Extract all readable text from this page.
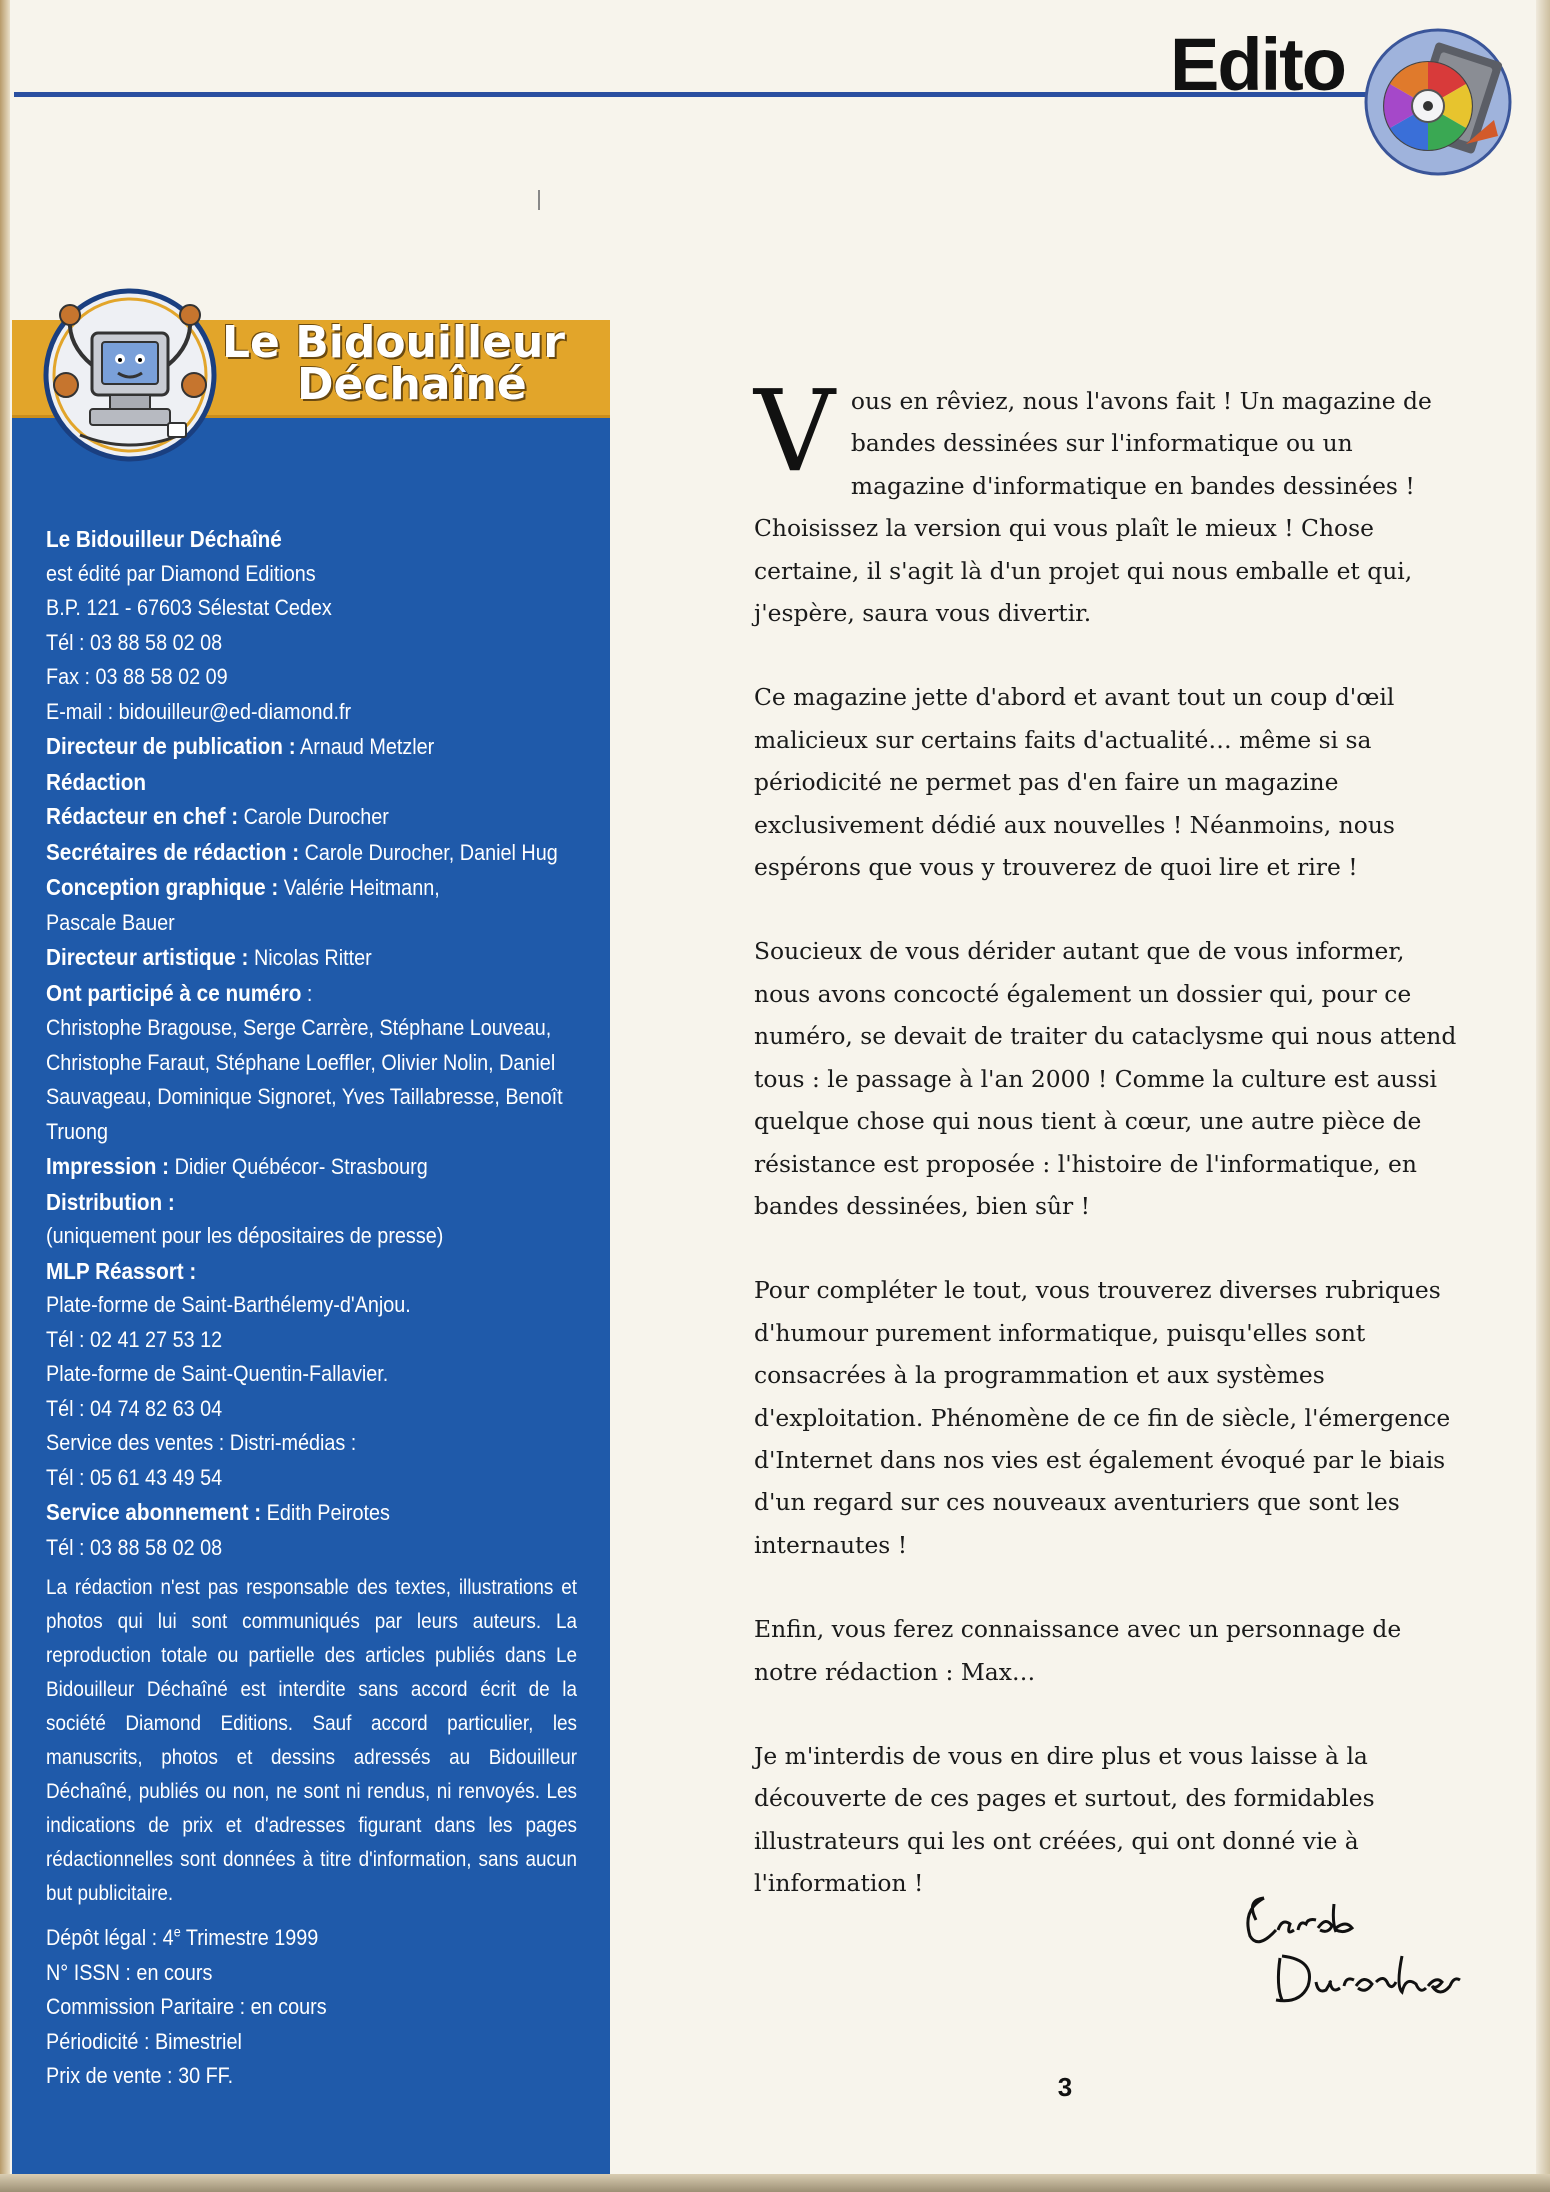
Edito
Le Bidouilleur
Déchaîné
Le Bidouilleur Déchaîné
est édité par Diamond Editions
B.P. 121 - 67603 Sélestat Cedex
Tél : 03 88 58 02 08
Fax : 03 88 58 02 09
E-mail : bidouilleur@ed-diamond.fr
Directeur de publication : Arnaud Metzler
Rédaction
Rédacteur en chef : Carole Durocher
Secrétaires de rédaction : Carole Durocher, Daniel Hug
Conception graphique : Valérie Heitmann,
Pascale Bauer
Directeur artistique : Nicolas Ritter
Ont participé à ce numéro :
Christophe Bragouse, Serge Carrère, Stéphane Louveau,
Christophe Faraut, Stéphane Loeffler, Olivier Nolin, Daniel
Sauvageau, Dominique Signoret, Yves Taillabresse, Benoît
Truong
Impression : Didier Québécor- Strasbourg
Distribution :
(uniquement pour les dépositaires de presse)
MLP Réassort :
Plate-forme de Saint-Barthélemy-d'Anjou.
Tél : 02 41 27 53 12
Plate-forme de Saint-Quentin-Fallavier.
Tél : 04 74 82 63 04
Service des ventes : Distri-médias :
Tél : 05 61 43 49 54
Service abonnement : Edith Peirotes
Tél : 03 88 58 02 08
La rédaction n'est pas responsable des textes, illustrations et photos qui lui sont communiqués par leurs auteurs. La reproduction totale ou partielle des articles publiés dans Le Bidouilleur Déchaîné est interdite sans accord écrit de la société Diamond Editions. Sauf accord particulier, les manuscrits, photos et dessins adressés au Bidouilleur Déchaîné, publiés ou non, ne sont ni rendus, ni renvoyés. Les indications de prix et d'adresses figurant dans les pages rédactionnelles sont données à titre d'information, sans aucun but publicitaire.
Dépôt légal : 4e Trimestre 1999
N° ISSN : en cours
Commission Paritaire : en cours
Périodicité : Bimestriel
Prix de vente : 30 FF.

Vous en rêviez, nous l'avons fait ! Un magazine de bandes dessinées sur l'informatique ou un magazine d'informatique en bandes dessinées ! Choisissez la version qui vous plaît le mieux ! Chose certaine, il s'agit là d'un projet qui nous emballe et qui, j'espère, saura vous divertir.

Ce magazine jette d'abord et avant tout un coup d'œil malicieux sur certains faits d'actualité… même si sa périodicité ne permet pas d'en faire un magazine exclusivement dédié aux nouvelles ! Néanmoins, nous espérons que vous y trouverez de quoi lire et rire !

Soucieux de vous dérider autant que de vous informer, nous avons concocté également un dossier qui, pour ce numéro, se devait de traiter du cataclysme qui nous attend tous : le passage à l'an 2000 ! Comme la culture est aussi quelque chose qui nous tient à cœur, une autre pièce de résistance est proposée : l'histoire de l'informatique, en bandes dessinées, bien sûr !

Pour compléter le tout, vous trouverez diverses rubriques d'humour purement informatique, puisqu'elles sont consacrées à la programmation et aux systèmes d'exploitation. Phénomène de ce fin de siècle, l'émergence d'Internet dans nos vies est également évoqué par le biais d'un regard sur ces nouveaux aventuriers que sont les internautes !

Enfin, vous ferez connaissance avec un personnage de notre rédaction : Max…

Je m'interdis de vous en dire plus et vous laisse à la découverte de ces pages et surtout, des formidables illustrateurs qui les ont créées, qui ont donné vie à l'information !

3
